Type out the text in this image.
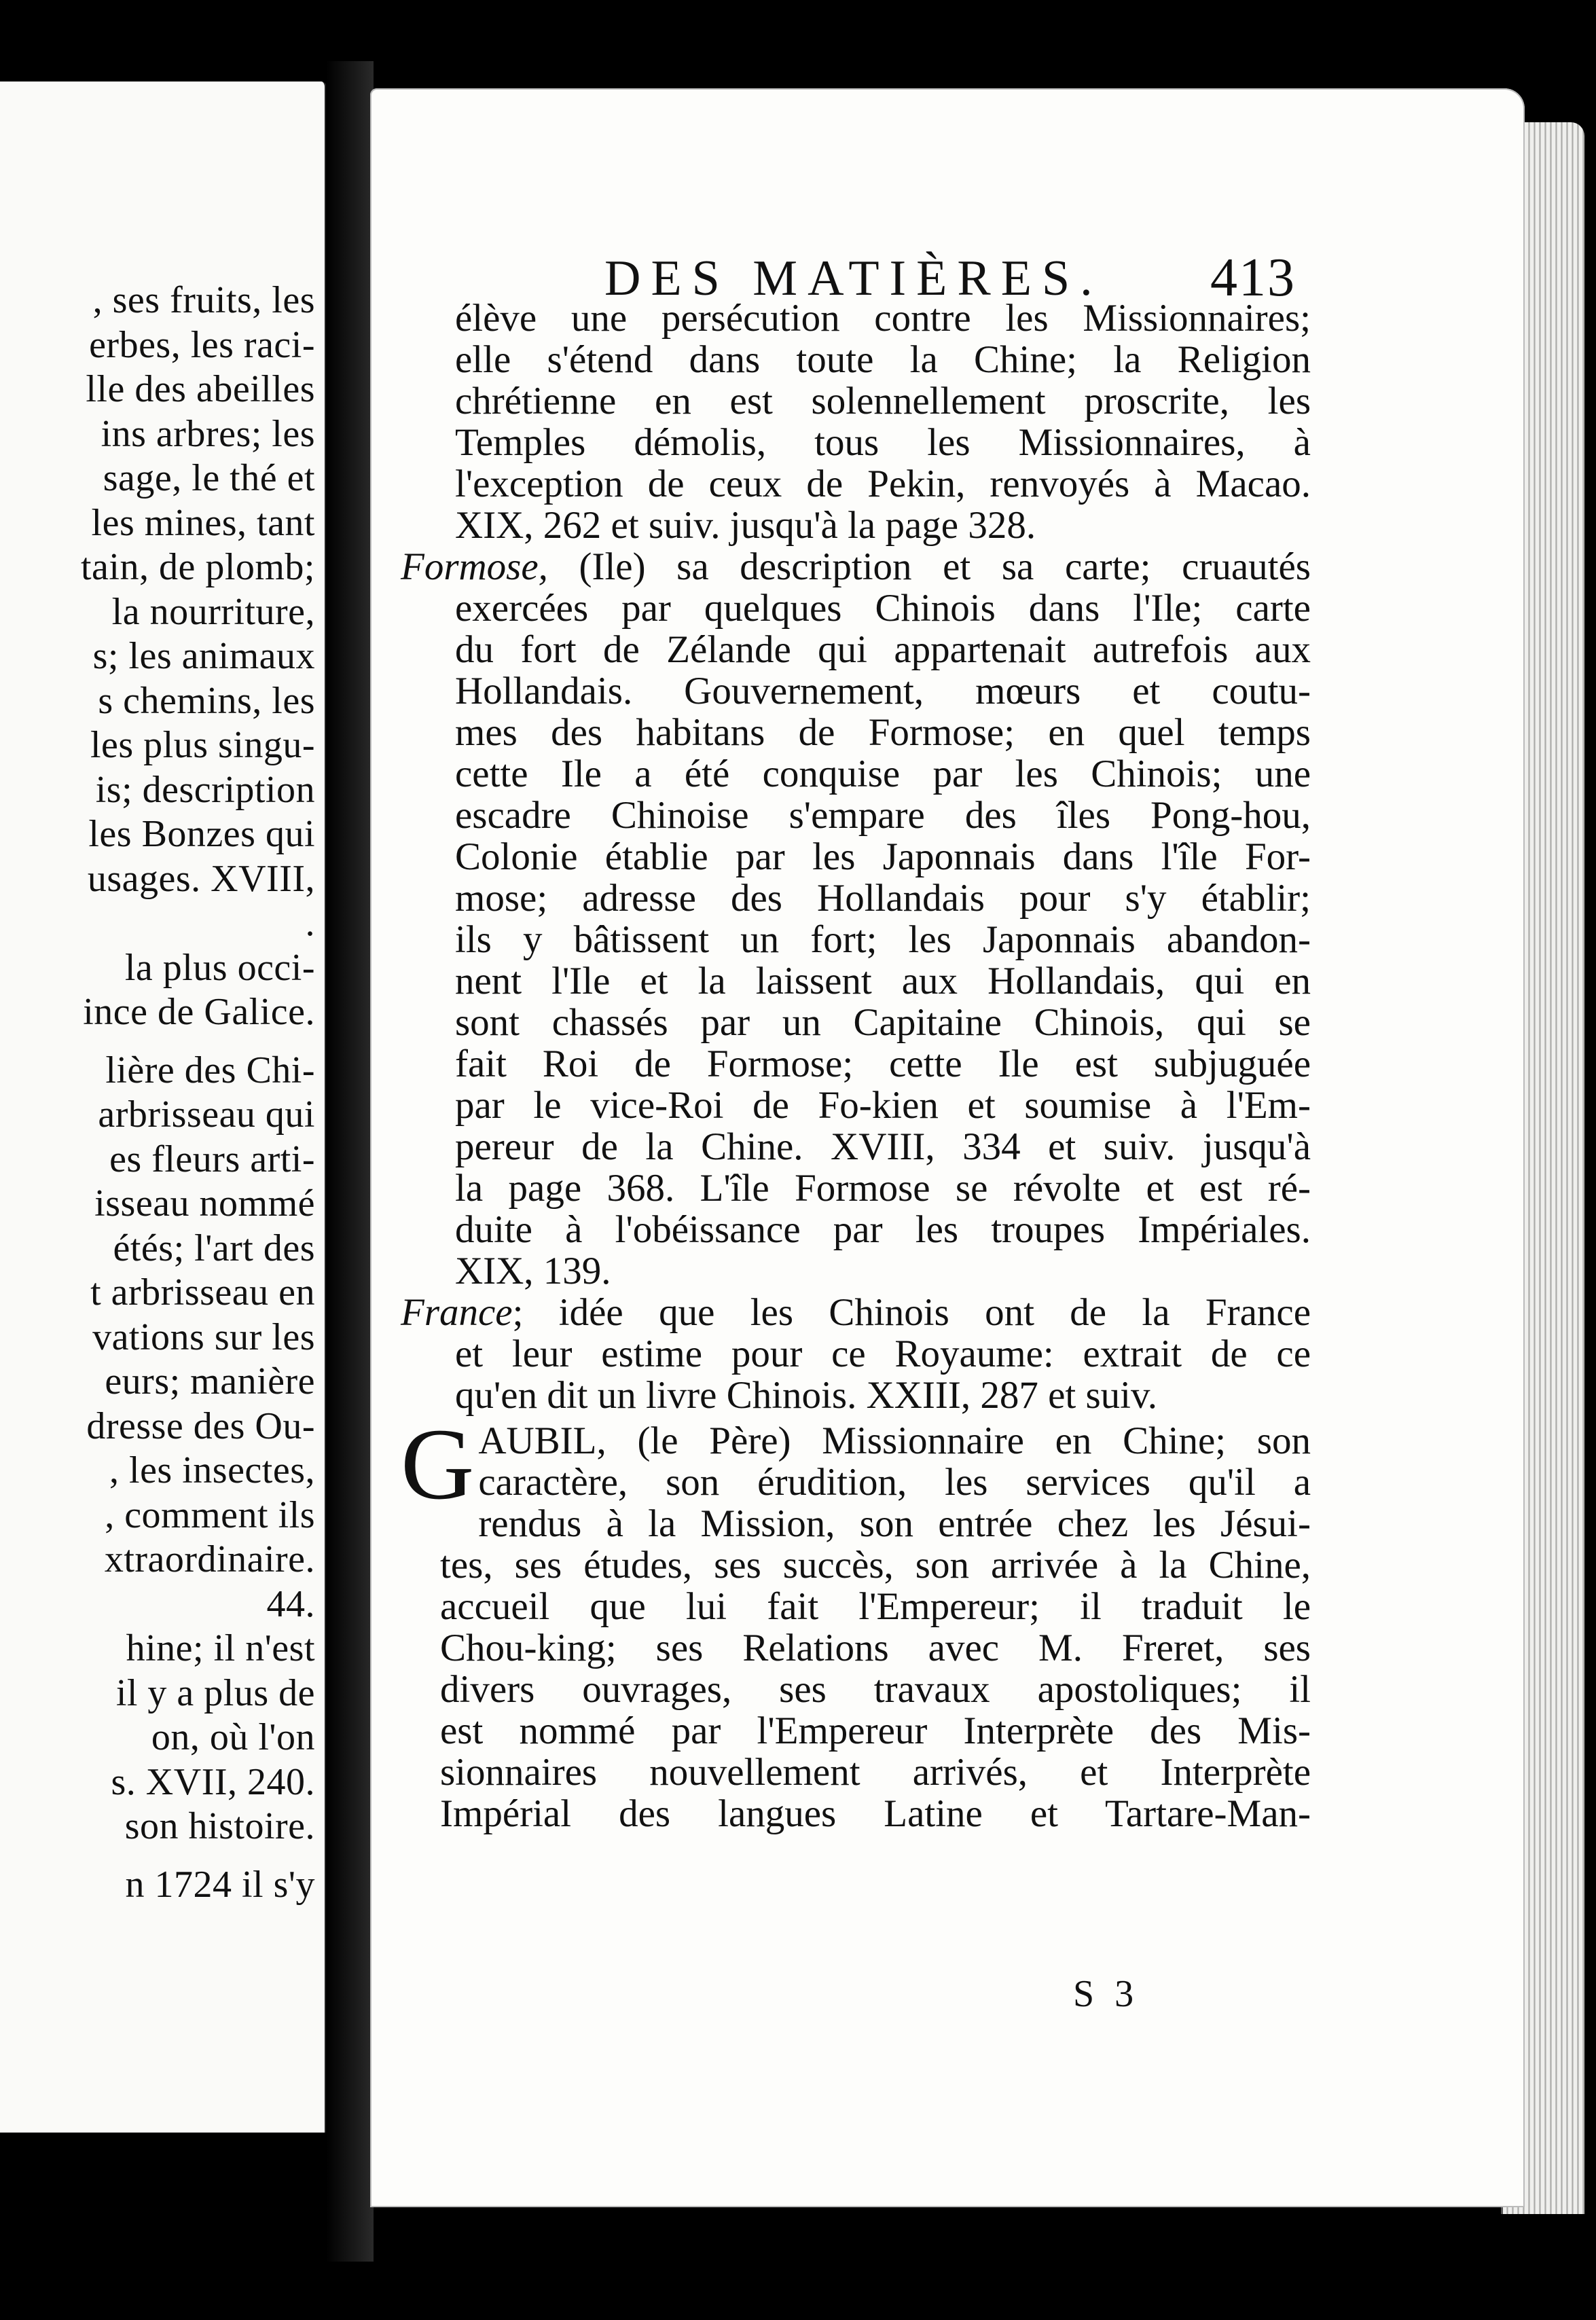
, ses fruits, les
erbes, les raci-
lle des abeilles
ins arbres; les
sage, le thé et
les mines, tant
tain, de plomb;
la nourriture,
s; les animaux
s chemins, les
les plus singu-
is; description
les Bonzes qui
usages. XVIII,
.
la plus occi-
ince de Galice.
lière des Chi-
arbrisseau qui
es fleurs arti-
isseau nommé
étés; l'art des
t arbrisseau en
vations sur les
eurs; manière
dresse des Ou-
, les insectes,
, comment ils
xtraordinaire.
44.
hine; il n'est
il y a plus de
on, où l'on
s. XVII, 240.
son histoire.
n 1724 il s'y
DES MATIÈRES.	413
élève une persécution contre les Missionnaires;
elle s'étend dans toute la Chine; la Religion
chrétienne en est solennellement proscrite, les
Temples démolis, tous les Missionnaires, à
l'exception de ceux de Pekin, renvoyés à Macao.
XIX, 262 et suiv. jusqu'à la page 328.
Formose, (Ile) sa description et sa carte; cruautés
exercées par quelques Chinois dans l'Ile; carte
du fort de Zélande qui appartenait autrefois aux
Hollandais. Gouvernement, mœurs et coutu-
mes des habitans de Formose; en quel temps
cette Ile a été conquise par les Chinois; une
escadre Chinoise s'empare des îles Pong-hou,
Colonie établie par les Japonnais dans l'île For-
mose; adresse des Hollandais pour s'y établir;
ils y bâtissent un fort; les Japonnais abandon-
nent l'Ile et la laissent aux Hollandais, qui en
sont chassés par un Capitaine Chinois, qui se
fait Roi de Formose; cette Ile est subjuguée
par le vice-Roi de Fo-kien et soumise à l'Em-
pereur de la Chine. XVIII, 334 et suiv. jusqu'à
la page 368. L'île Formose se révolte et est ré-
duite à l'obéissance par les troupes Impériales.
XIX, 139.
France; idée que les Chinois ont de la France
et leur estime pour ce Royaume: extrait de ce
qu'en dit un livre Chinois. XXIII, 287 et suiv.
GAUBIL, (le Père) Missionnaire en Chine; son
caractère, son érudition, les services qu'il a
rendus à la Mission, son entrée chez les Jésui-
tes, ses études, ses succès, son arrivée à la Chine,
accueil que lui fait l'Empereur; il traduit le
Chou-king; ses Relations avec M. Freret, ses
divers ouvrages, ses travaux apostoliques; il
est nommé par l'Empereur Interprète des Mis-
sionnaires nouvellement arrivés, et Interprète
Impérial des langues Latine et Tartare-Man-
S 3
